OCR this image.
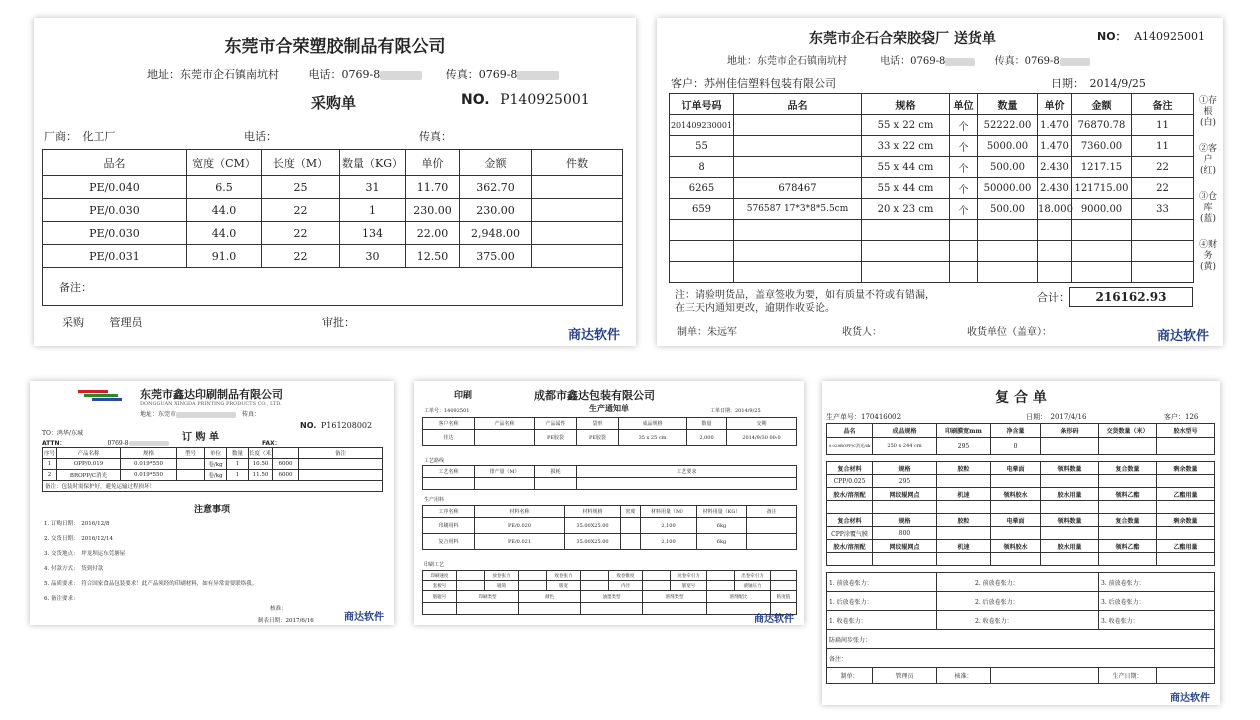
东莞市合荣塑胶制品有限公司
地址：东莞市企石镇南坑村	电话：0769-8	传真：0769-8
采购单	NO. P140925001
厂商：　化工厂	电话：	传真：
品名	宽度（CM）	长度（M）	数量（KG）	单价	金额	件数
PE/0.040	6.5	25	31	11.70	362.70	
PE/0.030	44.0	22	1	230.00	230.00	
PE/0.030	44.0	22	134	22.00	2,948.00	
PE/0.031	91.0	22	30	12.50	375.00	
备注：						
采购 管理员	审批：
商达软件
东莞市企石合荣胶袋厂 送货单	NO： A140925001
地址：东莞市企石镇南坑村	电话：0769-8	传真：0769-8
客户：苏州佳信塑料包装有限公司	日期：　2014/9/25
订单号码	品名	规格	单位	数量	单价	金额	备注
201409230001		55 x 22 cm	个	52222.00	1.470	76870.78	11
55		33 x 22 cm	个	5000.00	1.470	7360.00	11
8		55 x 44 cm	个	500.00	2.430	1217.15	22
6265	678467	55 x 44 cm	个	50000.00	2.430	121715.00	22
659	576587 17*3*8*5.5cm	20 x 23 cm	个	500.00	18.000	9000.00	33

①存根(白)
②客户(红)
③仓库(蓝)
④财务(黄)
注：请验明货品，盖章签收为要，如有质量不符或有错漏，在三天内通知更改，逾期作收妥论。
合计：	216162.93
制单：朱远军	收货人：	收货单位（盖章）：	商达软件
东莞市鑫达印刷制品有限公司
DONGGUAN XINGDA PRINTING PRODUCTS CO., LTD.
地址：东莞市	传真：
NO. P161208002
订 购 单
TO：鸿华/东城
ATTN：	0769-8	FAX：
序号	产品名称	规格	型号	单位	数量	长度（米）		备注
1	OPP/0.019	0.019*550		卷/kg	1	10.50	6000	
2	BROPP/C消光	0.019*550		卷/kg	1	11.50	6000	
备注：包装时需保护好，避免运输过程损坏！								
注意事项
1. 订购日期：　2016/12/8
2. 交货日期：　2016/12/14
3. 交货地点：　坪龙坝运东莞塘屋
4. 付款方式：　货到付款
5. 品质要求：　符合国家食品包装要求！此产品须经的印刷材料，如有异常需要联络我。
6. 备注要求：
核准：
制表日期：2017/6/16	商达软件
印刷	成都市鑫达包装有限公司
生产通知单
工单号：14092501	工单日期：2014/9/25
客户名称	产品名称	产品属性	袋形	成品规格	数量	交期
佳达		PE胶袋	PE胶袋	35 x 25 cm	2,000	2014/9/30 00:0
工艺路线
工艺名称	排产量（M）	损耗	工艺要求

生产用料
工序名称	材料名称	材料规格	密度	材料用量（M）	材料用量（KG）	备注
印刷用料	PE/0.020	35.00X25.00		2,100	6kg	
复合用料	PE/0.021	35.00X25.00		2,100	6kg	
印刷工艺
印刷速度		放卷张力		收卷张力		收卷锥度		送卷牵引力		出卷牵引力	
套板号		辊筒		版宽		内径		版宽号		滚轴压力	
版辊号	印刷类型		颜色		油墨类型		溶剂类型		溶剂配比		粘度值

商达软件
复 合 单
生产单号：170416002	日期：　2017/4/16	客户：126
品名	成品规格	印刷膜宽mm	净含量	条形码	交货数量（米）	胶水型号
0.028BOPP/C消光/6k	250 x 244 cm	295	0			

复合材料	规格	胶粒	电晕面	领料数量	复合数量	剩余数量
CPP/0.025	295					
胶水/溶剂配	网纹辊网点	机速	领料胶水	胶水用量	领料乙酯	乙酯用量

复合材料	规格	胶粒	电晕面	领料数量	复合数量	剩余数量
CPP涂覆气膜	800					
胶水/溶剂配	网纹辊网点	机速	领料胶水	胶水用量	领料乙酯	乙酯用量

1. 前放卷张力：		2. 前放卷张力：			3. 前放卷张力：	
1. 后放卷张力：		2. 后放卷张力：			3. 后放卷张力：	
1. 收卷张力：		2. 收卷张力：			3. 收卷张力：	
防扁间步张力：						
备注：						
制单：	管理员	核准：			生产日期：	
商达软件
